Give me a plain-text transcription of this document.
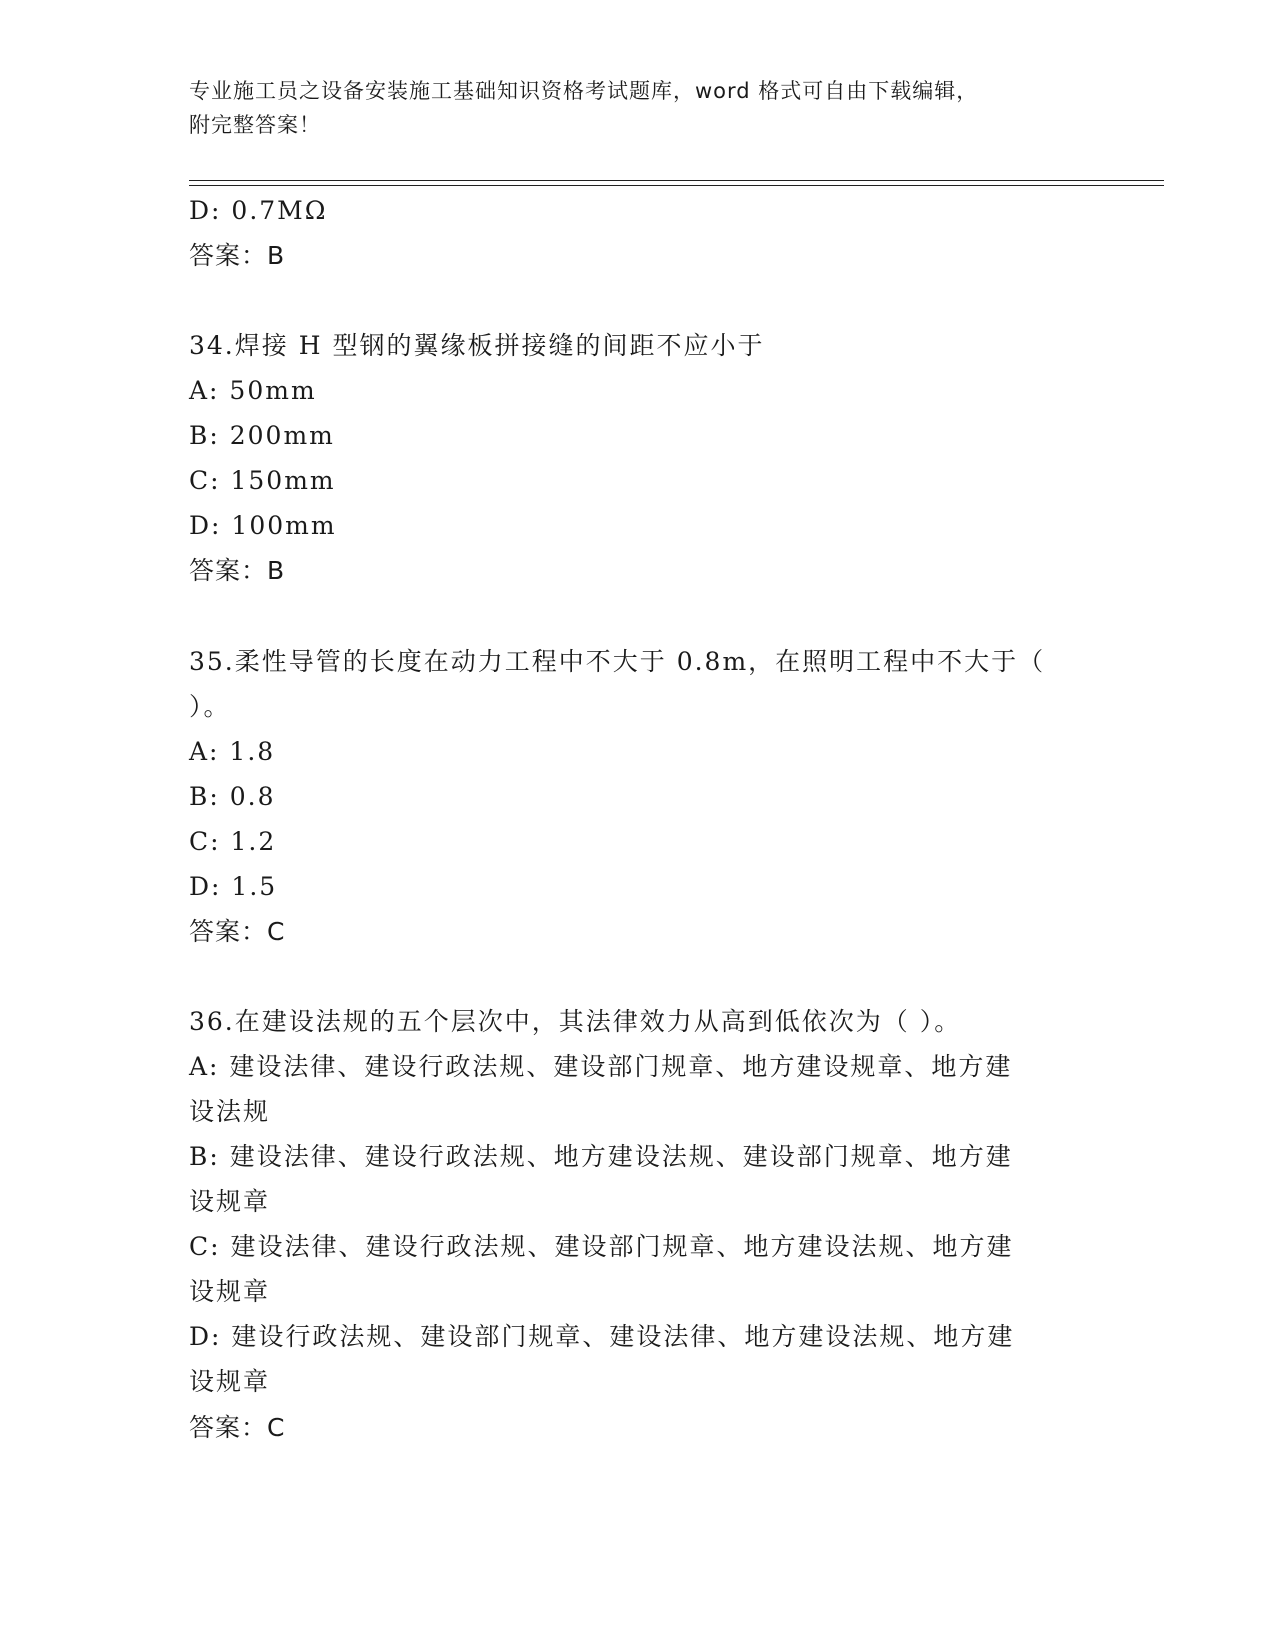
专业施工员之设备安装施工基础知识资格考试题库，word 格式可自由下载编辑，
附完整答案！
D: 0.7MΩ
答案：B
34.焊接 H 型钢的翼缘板拼接缝的间距不应小于
A: 50mm
B: 200mm
C: 150mm
D: 100mm
答案：B
35.柔性导管的长度在动力工程中不大于 0.8m，在照明工程中不大于（
）。
A: 1.8
B: 0.8
C: 1.2
D: 1.5
答案：C
36.在建设法规的五个层次中，其法律效力从高到低依次为（ ）。
A: 建设法律、建设行政法规、建设部门规章、地方建设规章、地方建
设法规
B: 建设法律、建设行政法规、地方建设法规、建设部门规章、地方建
设规章
C: 建设法律、建设行政法规、建设部门规章、地方建设法规、地方建
设规章
D: 建设行政法规、建设部门规章、建设法律、地方建设法规、地方建
设规章
答案：C
